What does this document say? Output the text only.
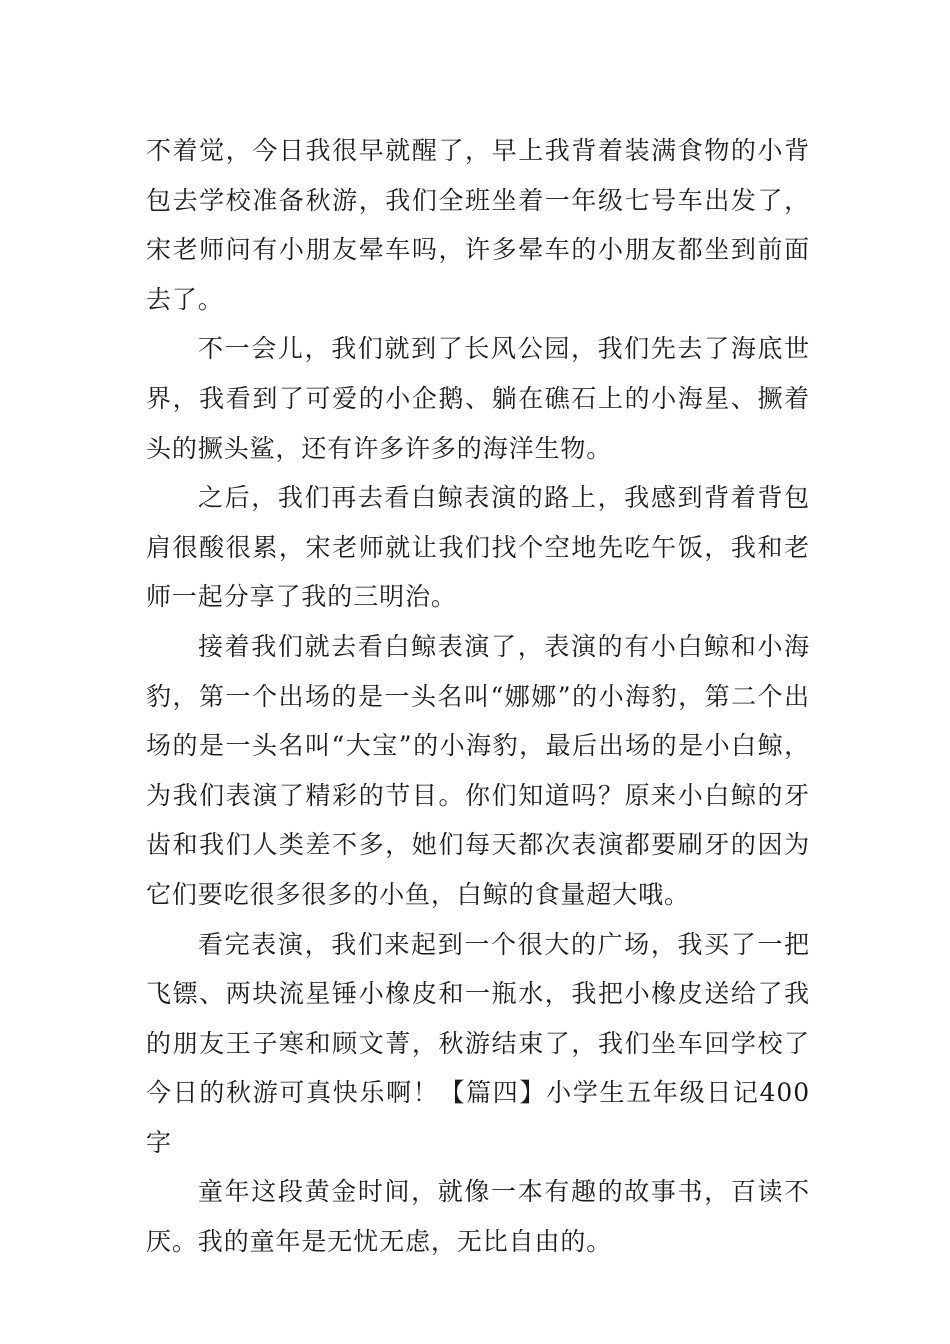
不着觉，今日我很早就醒了，早上我背着装满食物的小背包去学校准备秋游，我们全班坐着一年级七号车出发了，宋老师问有小朋友晕车吗，许多晕车的小朋友都坐到前面去了。

不一会儿，我们就到了长风公园，我们先去了海底世界，我看到了可爱的小企鹅、躺在礁石上的小海星、撅着头的撅头鲨，还有许多许多的海洋生物。

之后，我们再去看白鲸表演的路上，我感到背着背包肩很酸很累，宋老师就让我们找个空地先吃午饭，我和老师一起分享了我的三明治。

接着我们就去看白鲸表演了，表演的有小白鲸和小海豹，第一个出场的是一头名叫“娜娜”的小海豹，第二个出场的是一头名叫“大宝”的小海豹，最后出场的是小白鲸，为我们表演了精彩的节目。你们知道吗？原来小白鲸的牙齿和我们人类差不多，她们每天都次表演都要刷牙的因为它们要吃很多很多的小鱼，白鲸的食量超大哦。

看完表演，我们来起到一个很大的广场，我买了一把飞镖、两块流星锤小橡皮和一瓶水，我把小橡皮送给了我的朋友王子寒和顾文菁，秋游结束了，我们坐车回学校了今日的秋游可真快乐啊！【篇四】小学生五年级日记400字

童年这段黄金时间，就像一本有趣的故事书，百读不厌。我的童年是无忧无虑，无比自由的。
